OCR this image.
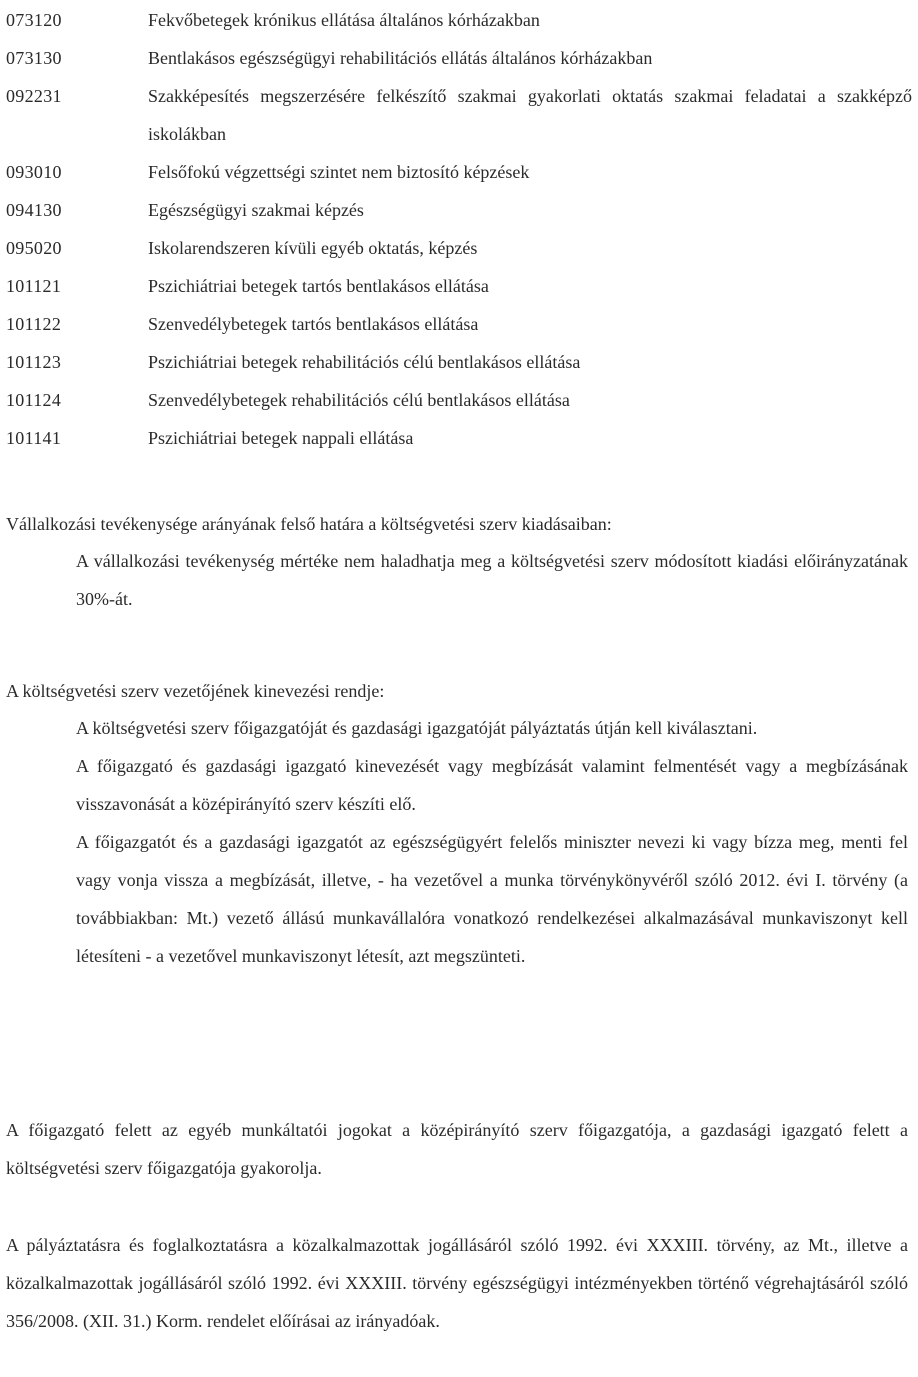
073120	Fekvőbetegek krónikus ellátása általános kórházakban
073130	Bentlakásos egészségügyi rehabilitációs ellátás általános kórházakban
092231	Szakképesítés megszerzésére felkészítő szakmai gyakorlati oktatás szakmai feladatai a szakképző iskolákban
093010	Felsőfokú végzettségi szintet nem biztosító képzések
094130	Egészségügyi szakmai képzés
095020	Iskolarendszeren kívüli egyéb oktatás, képzés
101121	Pszichiátriai betegek tartós bentlakásos ellátása
101122	Szenvedélybetegek tartós bentlakásos ellátása
101123	Pszichiátriai betegek rehabilitációs célú bentlakásos ellátása
101124	Szenvedélybetegek rehabilitációs célú bentlakásos ellátása
101141	Pszichiátriai betegek nappali ellátása
Vállalkozási tevékenysége arányának felső határa a költségvetési szerv kiadásaiban:
A vállalkozási tevékenység mértéke nem haladhatja meg a költségvetési szerv módosított kiadási előirányzatának 30%-át.
A költségvetési szerv vezetőjének kinevezési rendje:
A költségvetési szerv főigazgatóját és gazdasági igazgatóját pályáztatás útján kell kiválasztani.
A főigazgató és gazdasági igazgató kinevezését vagy megbízását valamint felmentését vagy a megbízásának visszavonását a középirányító szerv készíti elő.
A főigazgatót és a gazdasági igazgatót az egészségügyért felelős miniszter nevezi ki vagy bízza meg, menti fel vagy vonja vissza a megbízását, illetve, - ha vezetővel a munka törvénykönyvéről szóló 2012. évi I. törvény (a továbbiakban: Mt.) vezető állású munkavállalóra vonatkozó rendelkezései alkalmazásával munkaviszonyt kell létesíteni - a vezetővel munkaviszonyt létesít, azt megszünteti.
A főigazgató felett az egyéb munkáltatói jogokat a középirányító szerv főigazgatója, a gazdasági igazgató felett a költségvetési szerv főigazgatója gyakorolja.
A pályáztatásra és foglalkoztatásra a közalkalmazottak jogállásáról szóló 1992. évi XXXIII. törvény, az Mt., illetve a közalkalmazottak jogállásáról szóló 1992. évi XXXIII. törvény egészségügyi intézményekben történő végrehajtásáról szóló 356/2008. (XII. 31.) Korm. rendelet előírásai az irányadóak.
